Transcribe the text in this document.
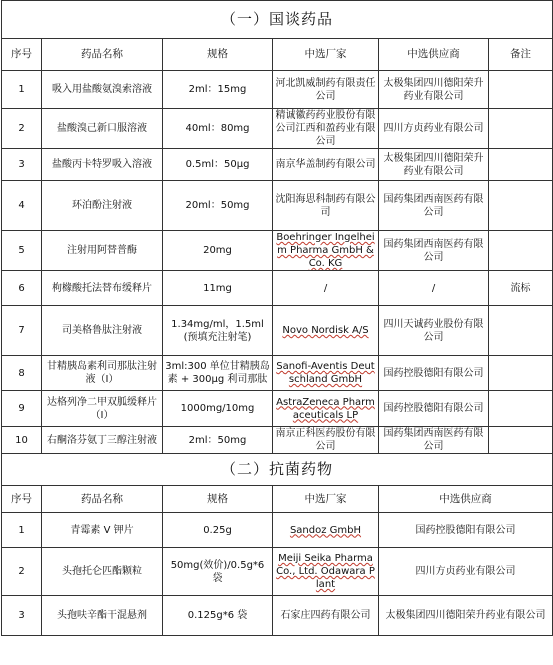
（一）国谈药品					
序号	药品名称	规格	中选厂家	中选供应商	备注
1	吸入用盐酸氨溴索溶液	2ml：15mg	河北凯威制药有限责任公司	太极集团四川德阳荣升药业有限公司	
2	盐酸溴己新口服溶液	40ml：80mg	精诚徽药药业股份有限公司江西和盈药业有限公司	四川方贞药业有限公司	
3	盐酸丙卡特罗吸入溶液	0.5ml：50μg	南京华盖制药有限公司	太极集团四川德阳荣升药业有限公司	
4	环泊酚注射液	20ml：50mg	沈阳海思科制药有限公司	国药集团西南医药有限公司	
5	注射用阿替普酶	20mg	Boehringer Ingelheim Pharma GmbH & Co. KG	国药集团西南医药有限公司	
6	枸橼酸托法替布缓释片	11mg	/	/	流标
7	司美格鲁肽注射液	1.34mg/ml，1.5ml (预填充注射笔)	Novo Nordisk A/S	四川天诚药业股份有限公司	
8	甘精胰岛素利司那肽注射液（Ⅰ）	3ml:300 单位甘精胰岛素 + 300μg 利司那肽	Sanofi-Aventis Deutschland GmbH	国药控股德阳有限公司	
9	达格列净二甲双胍缓释片（Ⅰ）	1000mg/10mg	AstraZeneca Pharmaceuticals LP	国药控股德阳有限公司	
10	右酮洛芬氨丁三醇注射液	2ml：50mg	南京正科医药股份有限公司	国药集团西南医药有限公司	
（二）抗菌药物					
序号	药品名称	规格	中选厂家	中选供应商	
1	青霉素 V 钾片	0.25g	Sandoz GmbH	国药控股德阳有限公司	
2	头孢托仑匹酯颗粒	50mg(效价)/0.5g*6 袋	Meiji Seika Pharma Co., Ltd. Odawara Plant	四川方贞药业有限公司	
3	头孢呋辛酯干混悬剂	0.125g*6 袋	石家庄四药有限公司	太极集团四川德阳荣升药业有限公司	
